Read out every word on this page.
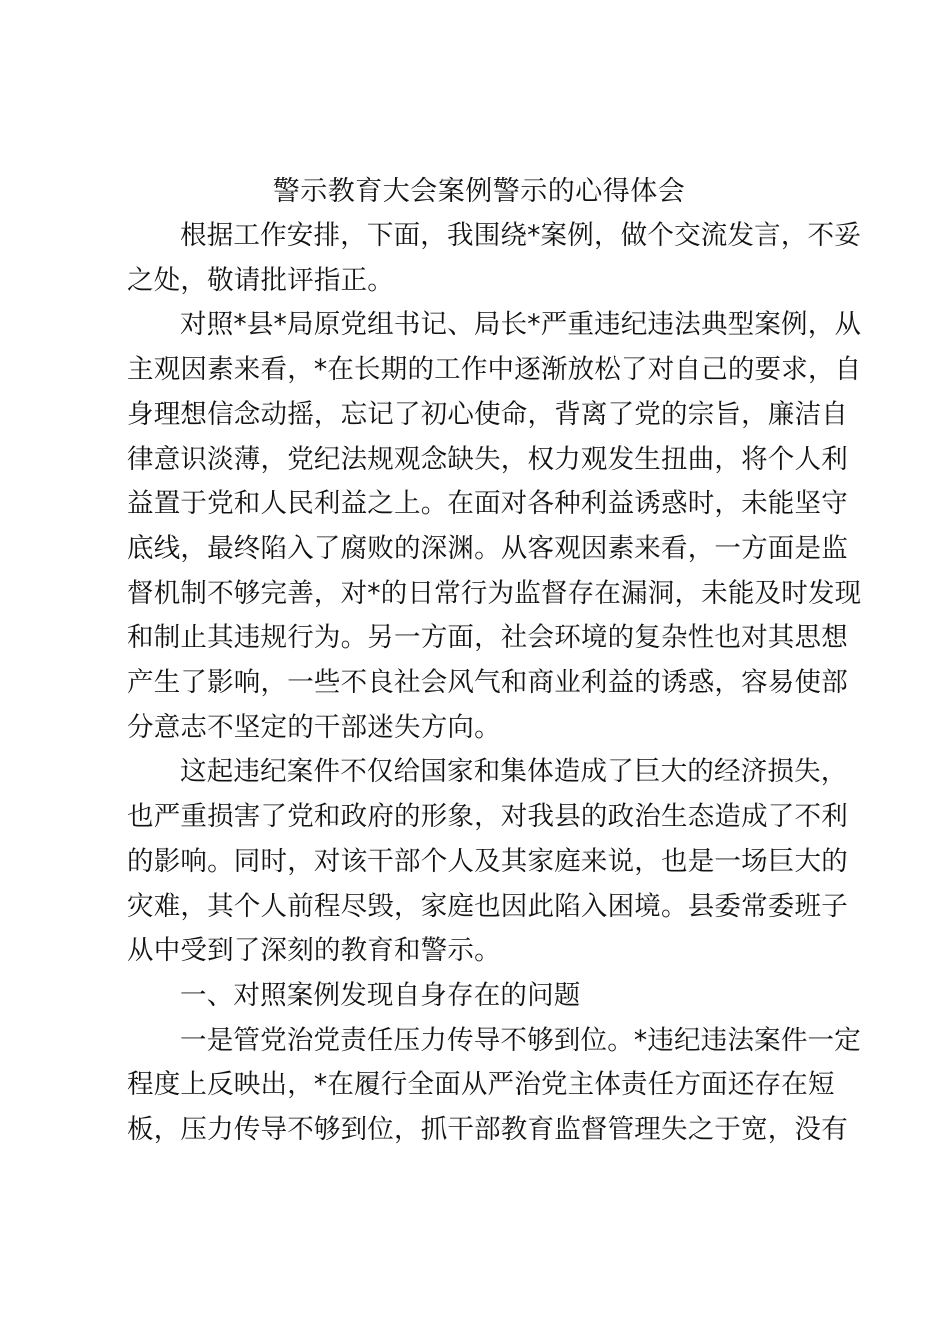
警示教育大会案例警示的心得体会
根据工作安排，下面，我围绕*案例，做个交流发言，不妥
之处，敬请批评指正。
对照*县*局原党组书记、局长*严重违纪违法典型案例，从
主观因素来看，*在长期的工作中逐渐放松了对自己的要求，自
身理想信念动摇，忘记了初心使命，背离了党的宗旨，廉洁自
律意识淡薄，党纪法规观念缺失，权力观发生扭曲，将个人利
益置于党和人民利益之上。在面对各种利益诱惑时，未能坚守
底线，最终陷入了腐败的深渊。从客观因素来看，一方面是监
督机制不够完善，对*的日常行为监督存在漏洞，未能及时发现
和制止其违规行为。另一方面，社会环境的复杂性也对其思想
产生了影响，一些不良社会风气和商业利益的诱惑，容易使部
分意志不坚定的干部迷失方向。
这起违纪案件不仅给国家和集体造成了巨大的经济损失，
也严重损害了党和政府的形象，对我县的政治生态造成了不利
的影响。同时，对该干部个人及其家庭来说，也是一场巨大的
灾难，其个人前程尽毁，家庭也因此陷入困境。县委常委班子
从中受到了深刻的教育和警示。
一、对照案例发现自身存在的问题
一是管党治党责任压力传导不够到位。*违纪违法案件一定
程度上反映出，*在履行全面从严治党主体责任方面还存在短
板，压力传导不够到位，抓干部教育监督管理失之于宽，没有
